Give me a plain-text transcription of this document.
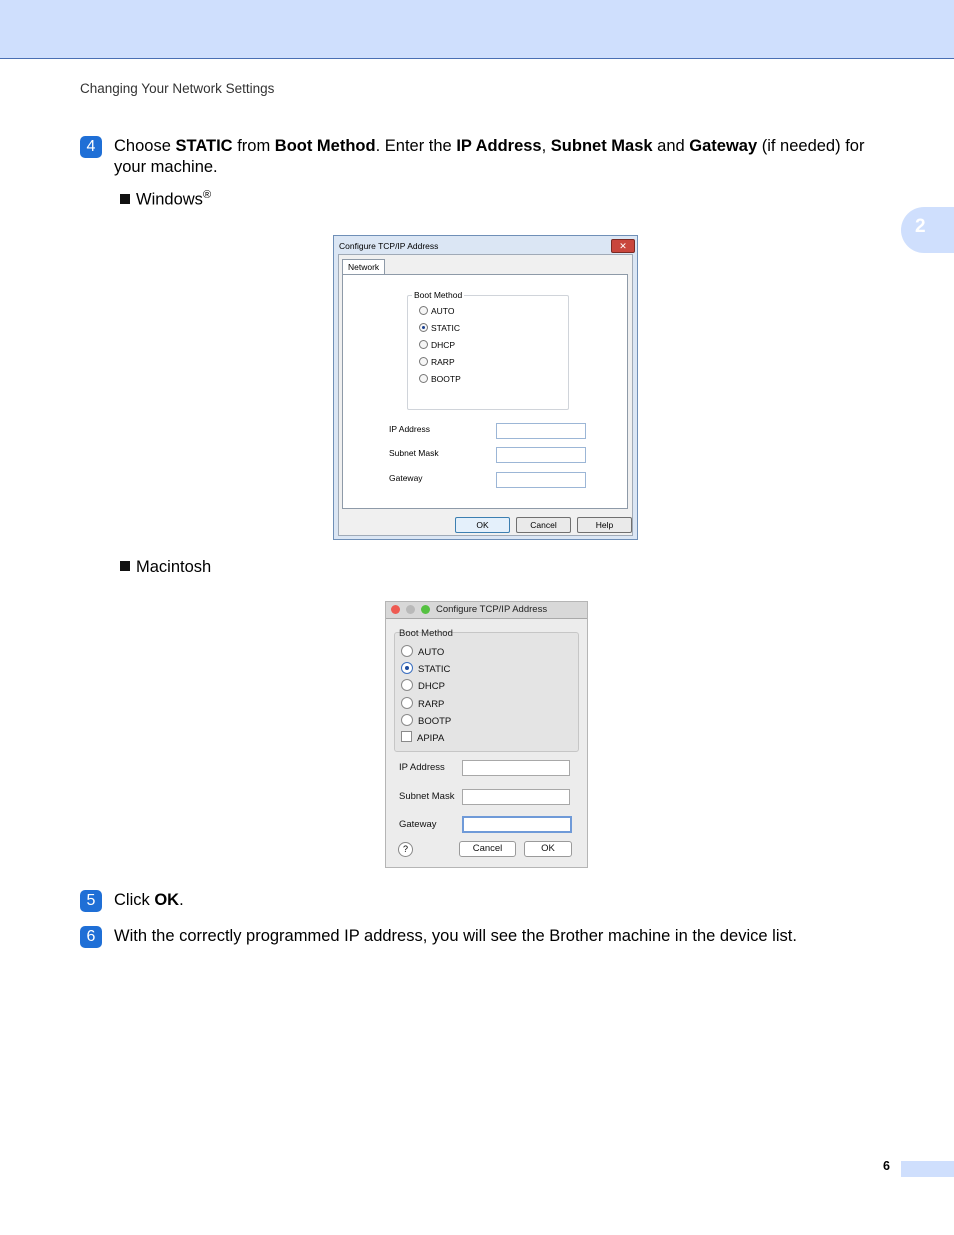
Changing Your Network Settings
2
4	Choose STATIC from Boot Method. Enter the IP Address, Subnet Mask and Gateway (if needed) for your machine.
Windows®
Configure TCP/IP Address	✕
Network
Boot Method
AUTO
STATIC
DHCP
RARP
BOOTP
IP Address
Subnet Mask
Gateway
OK	Cancel	Help
Macintosh
Configure TCP/IP Address
Boot Method
AUTO
STATIC
DHCP
RARP
BOOTP
APIPA
IP Address
Subnet Mask
Gateway
?	Cancel	OK
5	Click OK.
6	With the correctly programmed IP address, you will see the Brother machine in the device list.
6
